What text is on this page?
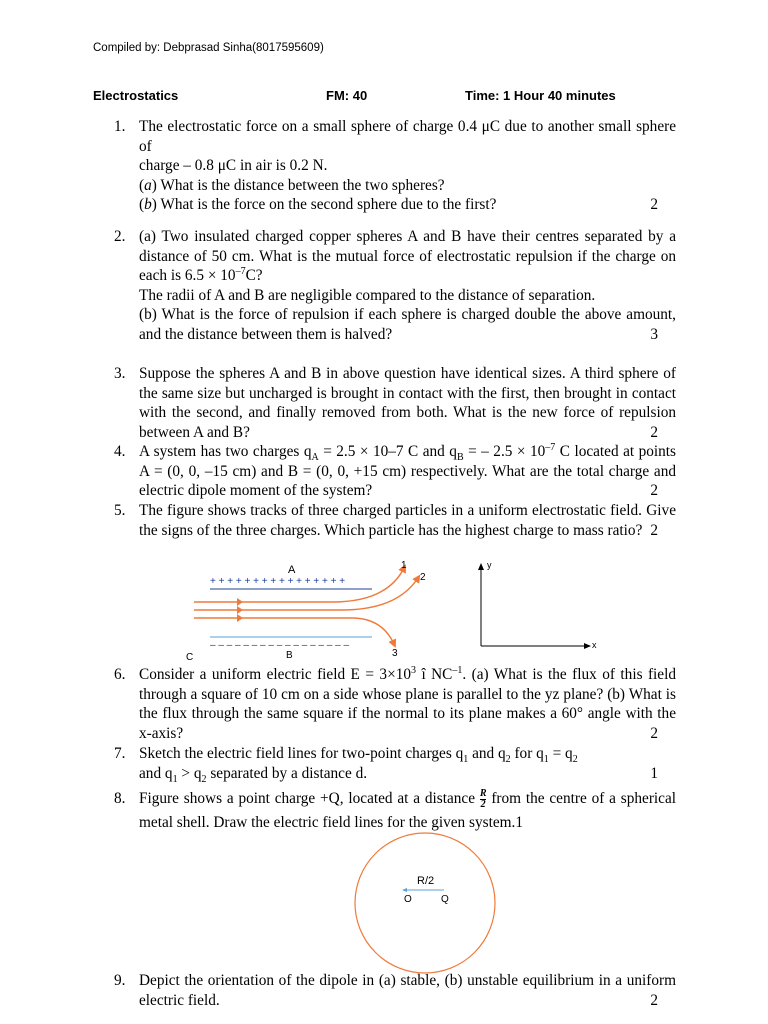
Compiled by: Debprasad Sinha(8017595609)
Electrostatics	FM: 40	Time: 1 Hour 40 minutes
1. The electrostatic force on a small sphere of charge 0.4 μC due to another small sphere of
charge – 0.8 μC in air is 0.2 N.
(a) What is the distance between the two spheres?
(b) What is the force on the second sphere due to the first?	2
2. (a) Two insulated charged copper spheres A and B have their centres separated by a distance of 50 cm. What is the mutual force of electrostatic repulsion if the charge on each is $6.5 \times 10^{-7}C$?
The radii of A and B are negligible compared to the distance of separation.
(b) What is the force of repulsion if each sphere is charged double the above amount, and the distance between them is halved?	3
3. Suppose the spheres A and B in above question have identical sizes. A third sphere of the same size but uncharged is brought in contact with the first, then brought in contact with the second, and finally removed from both. What is the new force of repulsion between A and B?	2
4. A system has two charges $q_A = 2.5 \times 10-7$ C and $q_B$ = – $2.5 \times 10^{-7}$ C located at points A = (0, 0, –15 cm) and B = (0, 0, +15 cm) respectively. What are the total charge and electric dipole moment of the system?	2
5. The figure shows tracks of three charged particles in a uniform electrostatic field. Give the signs of the three charges. Which particle has the highest charge to mass ratio? 2
A
+ + + + + + + + + + + + + + + +
– – – – – – – – – – – – – – – – –
1
2
3
C	B
y
x
6. Consider a uniform electric field $E = 3\times 10^3$ î $NC^{-1}$. (a) What is the flux of this field through a square of 10 cm on a side whose plane is parallel to the yz plane? (b) What is the flux through the same square if the normal to its plane makes a 60° angle with the x-axis?	2
7. Sketch the electric field lines for two-point charges $q_1$ and $q_2$ for $q_1 = q_2$
and $q_1 > q_2$ separated by a distance d.	1
8. Figure shows a point charge +Q, located at a distance $\frac{R}{2}$ from the centre of a spherical metal shell. Draw the electric field lines for the given system.1
R/2
O	Q
9. Depict the orientation of the dipole in (a) stable, (b) unstable equilibrium in a uniform electric field.	2
